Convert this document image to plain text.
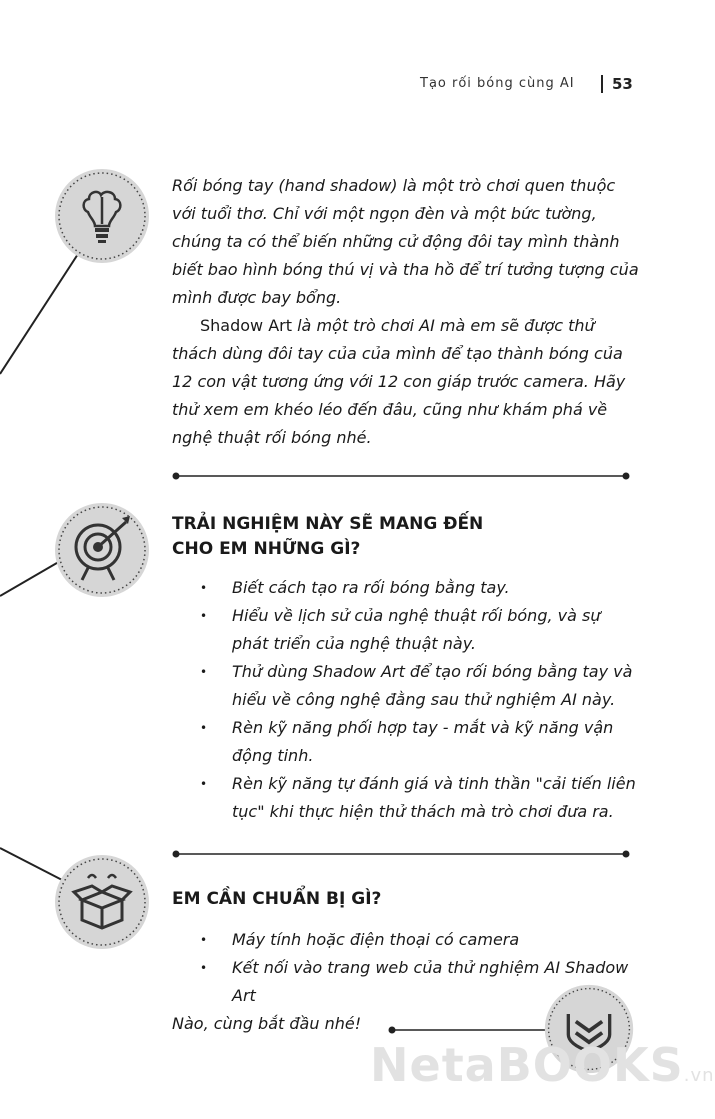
Tạo rối bóng cùng AI 53

Rối bóng tay (hand shadow) là một trò chơi quen thuộc với tuổi thơ. Chỉ với một ngọn đèn và một bức tường, chúng ta có thể biến những cử động đôi tay mình thành biết bao hình bóng thú vị và tha hồ để trí tưởng tượng của mình được bay bổng.

Shadow Art là một trò chơi AI mà em sẽ được thử thách dùng đôi tay của của mình để tạo thành bóng của 12 con vật tương ứng với 12 con giáp trước camera. Hãy thử xem em khéo léo đến đâu, cũng như khám phá về nghệ thuật rối bóng nhé.

TRẢI NGHIỆM NÀY SẼ MANG ĐẾN
CHO EM NHỮNG GÌ?
• Biết cách tạo ra rối bóng bằng tay.
• Hiểu về lịch sử của nghệ thuật rối bóng, và sự phát triển của nghệ thuật này.
• Thử dùng Shadow Art để tạo rối bóng bằng tay và hiểu về công nghệ đằng sau thử nghiệm AI này.
• Rèn kỹ năng phối hợp tay - mắt và kỹ năng vận động tinh.
• Rèn kỹ năng tự đánh giá và tinh thần "cải tiến liên tục" khi thực hiện thử thách mà trò chơi đưa ra.
EM CẦN CHUẨN BỊ GÌ?
• Máy tính hoặc điện thoại có camera
• Kết nối vào trang web của thử nghiệm AI Shadow Art
Nào, cùng bắt đầu nhé!
NetaBOOKS.vn
